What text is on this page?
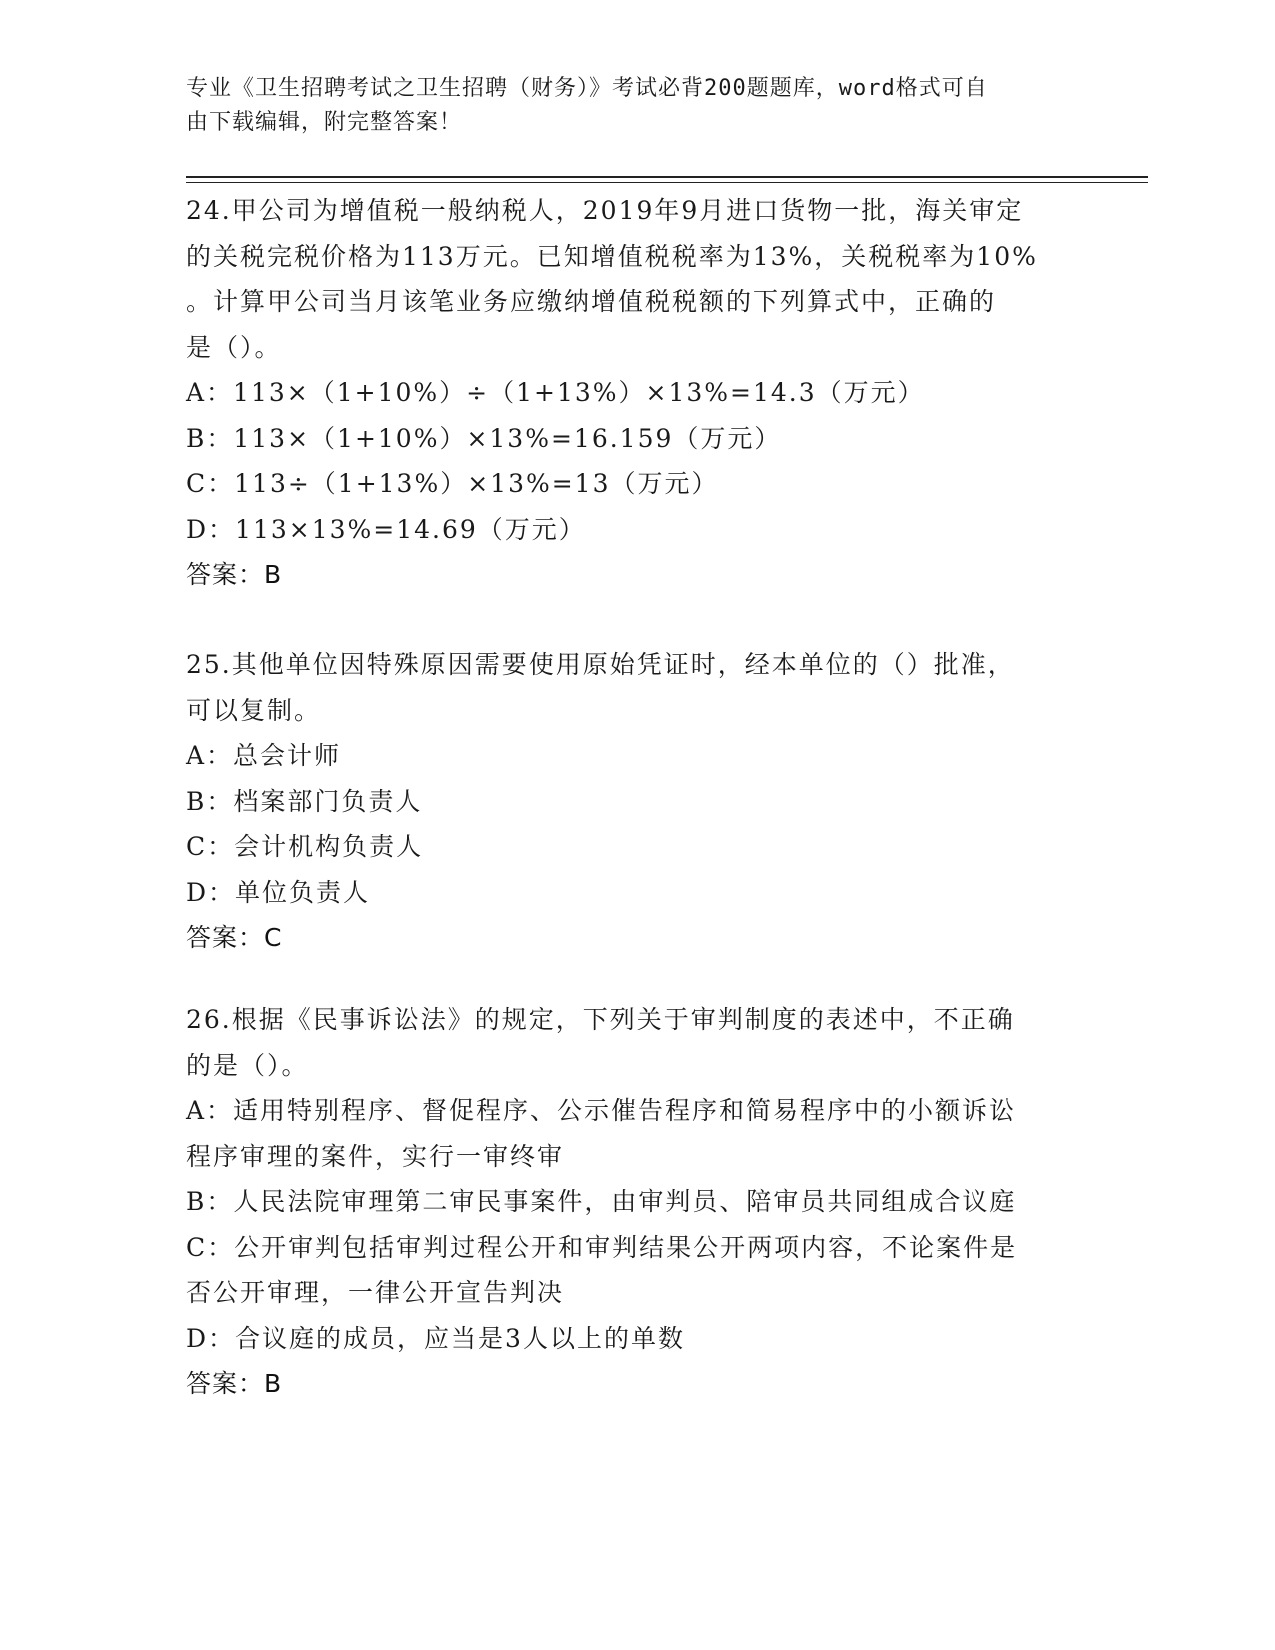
专业《卫生招聘考试之卫生招聘（财务）》考试必背200题题库，word格式可自
由下载编辑，附完整答案！
24.甲公司为增值税一般纳税人，2019年9月进口货物一批，海关审定
的关税完税价格为113万元。已知增值税税率为13%，关税税率为10%
。计算甲公司当月该笔业务应缴纳增值税税额的下列算式中，正确的
是（）。
A：113×（1+10%）÷（1+13%）×13%=14.3（万元）
B：113×（1+10%）×13%=16.159（万元）
C：113÷（1+13%）×13%=13（万元）
D：113×13%=14.69（万元）
答案：B
25.其他单位因特殊原因需要使用原始凭证时，经本单位的（）批准，
可以复制。
A：总会计师
B：档案部门负责人
C：会计机构负责人
D：单位负责人
答案：C
26.根据《民事诉讼法》的规定，下列关于审判制度的表述中，不正确
的是（）。
A：适用特别程序、督促程序、公示催告程序和简易程序中的小额诉讼
程序审理的案件，实行一审终审
B：人民法院审理第二审民事案件，由审判员、陪审员共同组成合议庭
C：公开审判包括审判过程公开和审判结果公开两项内容，不论案件是
否公开审理，一律公开宣告判决
D：合议庭的成员，应当是3人以上的单数
答案：B
